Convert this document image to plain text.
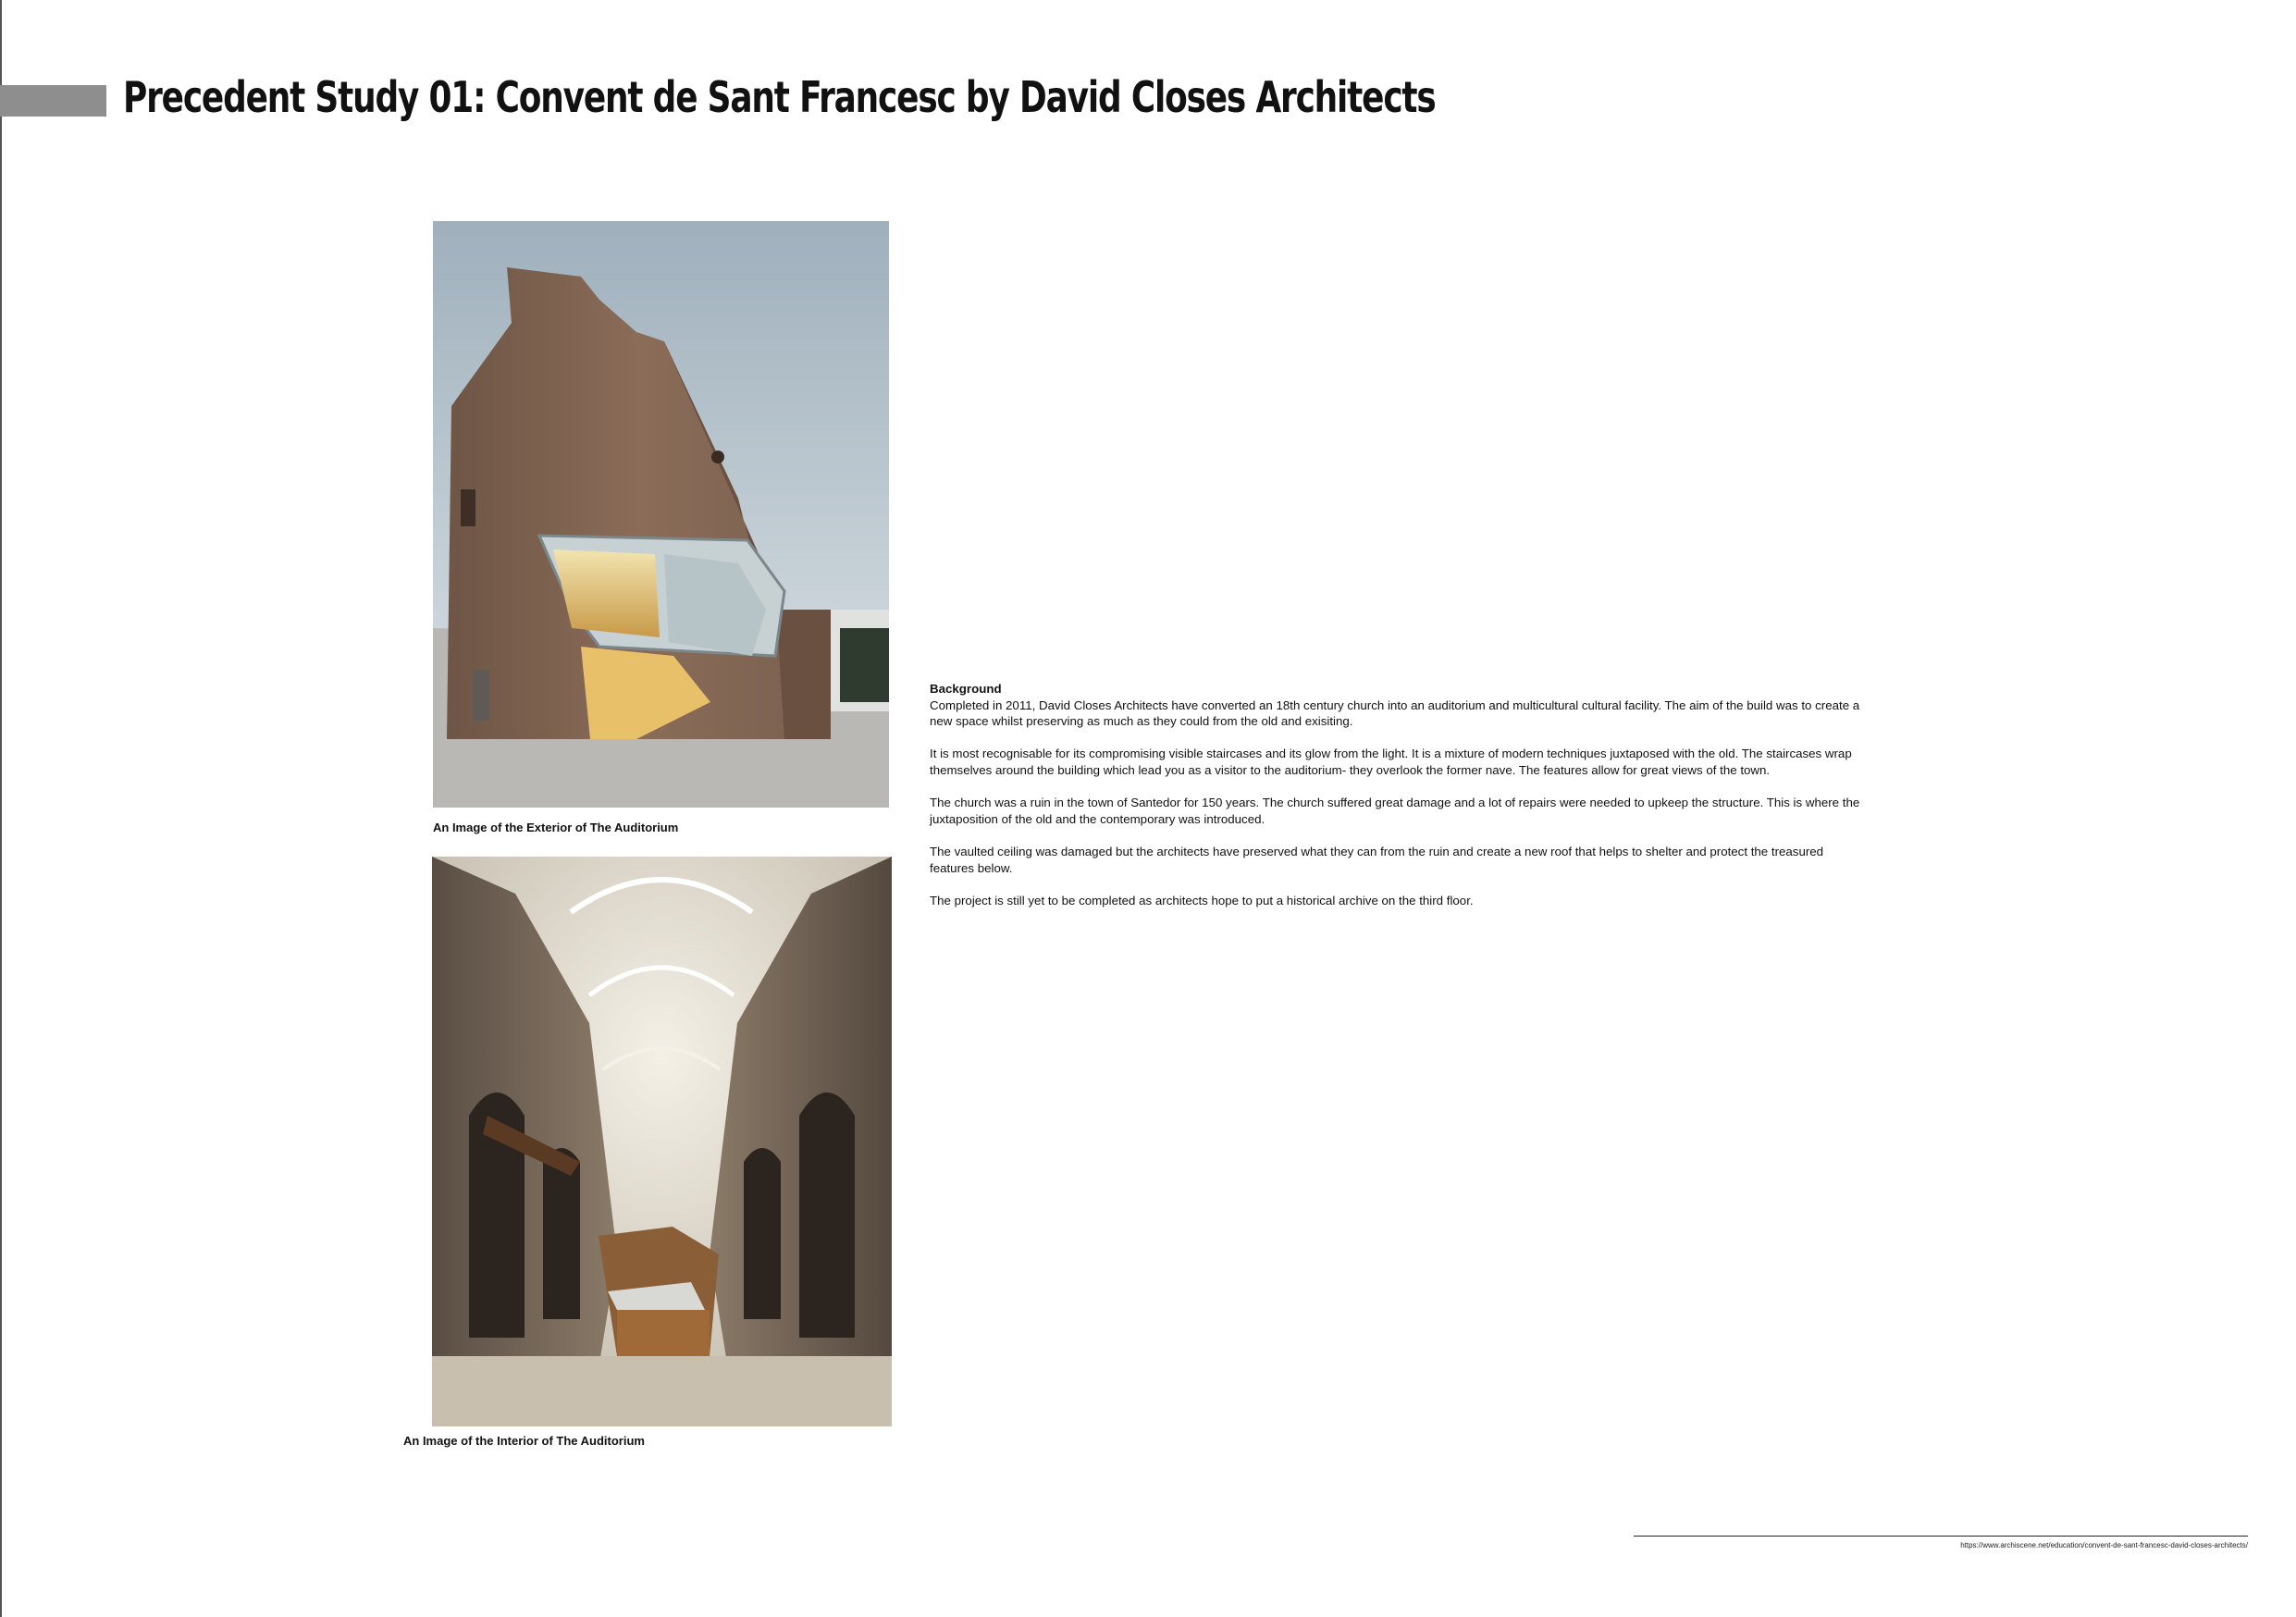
Precedent Study 01: Convent de Sant Francesc by David Closes Architects
An Image of the Exterior of The Auditorium
An Image of the Interior of The Auditorium
Background

Completed in 2011, David Closes Architects have converted an 18th century church into an auditorium and multicultural cultural facility. The aim of the build was to create a new space whilst preserving as much as they could from the old and exisiting.

It is most recognisable for its compromising visible staircases and its glow from the light. It is a mixture of modern techniques juxtaposed with the old. The staircases wrap themselves around the building which lead you as a visitor to the auditorium- they overlook the former nave. The features allow for great views of the town.

The church was a ruin in the town of Santedor for 150 years. The church suffered great damage and a lot of repairs were needed to upkeep the structure. This is where the juxtaposition of the old and the contemporary was introduced.

The vaulted ceiling was damaged but the architects have preserved what they can from the ruin and create a new roof that helps to shelter and protect the treasured features below.

The project is still yet to be completed as architects hope to put a historical archive on the third floor.

https://www.archiscene.net/education/convent-de-sant-francesc-david-closes-architects/
